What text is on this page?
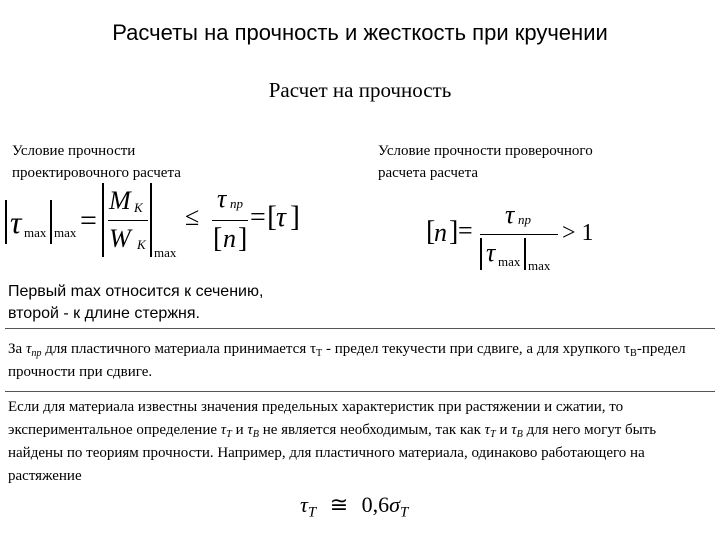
Расчеты на прочность и жесткость при кручении
Расчет на прочность
Условие прочности
проектировочного расчета
Условие прочности проверочного
расчета расчета
τ max max =
M K
W K
max
≤
τ пр
[ n ]
= [ τ ]	[
n ] =
τ пр
τ max max
> 1
Первый max относится к сечению,
второй - к длине стержня.
За $\tau_{пр}$ для пластичного материала принимается $\tau_T$ - предел текучести при сдвиге, а для хрупкого $\tau_B$-предел прочности при сдвиге.
Если для материала известны значения предельных характеристик при растяжении и сжатии, то экспериментальное определение $\tau_T$ и $\tau_B$ не является необходимым, так как $\tau_T$ и $\tau_B$ для него могут быть найдены по теориям прочности. Например, для пластичного материала, одинаково работающего на растяжение
$\tau_T$ ≅ $0,6\sigma_T$
